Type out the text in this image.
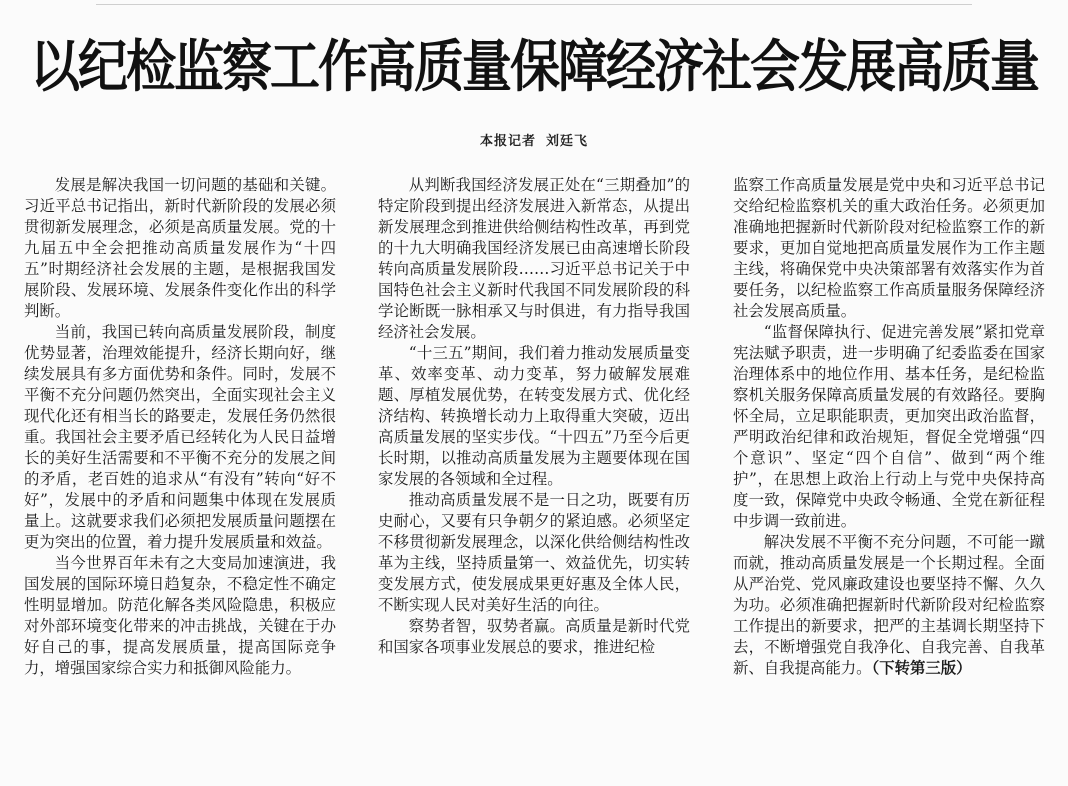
以纪检监察工作高质量保障经济社会发展高质量
本报记者 刘廷飞

发展是解决我国一切问题的基础和关键。习近平总书记指出，新时代新阶段的发展必须贯彻新发展理念，必须是高质量发展。党的十九届五中全会把推动高质量发展作为“十四五”时期经济社会发展的主题，是根据我国发展阶段、发展环境、发展条件变化作出的科学判断。

当前，我国已转向高质量发展阶段，制度优势显著，治理效能提升，经济长期向好，继续发展具有多方面优势和条件。同时，发展不平衡不充分问题仍然突出，全面实现社会主义现代化还有相当长的路要走，发展任务仍然很重。我国社会主要矛盾已经转化为人民日益增长的美好生活需要和不平衡不充分的发展之间的矛盾，老百姓的追求从“有没有”转向“好不好”，发展中的矛盾和问题集中体现在发展质量上。这就要求我们必须把发展质量问题摆在更为突出的位置，着力提升发展质量和效益。

当今世界百年未有之大变局加速演进，我国发展的国际环境日趋复杂，不稳定性不确定性明显增加。防范化解各类风险隐患，积极应对外部环境变化带来的冲击挑战，关键在于办好自己的事，提高发展质量，提高国际竞争力，增强国家综合实力和抵御风险能力。

从判断我国经济发展正处在“三期叠加”的特定阶段到提出经济发展进入新常态，从提出新发展理念到推进供给侧结构性改革，再到党的十九大明确我国经济发展已由高速增长阶段转向高质量发展阶段……习近平总书记关于中国特色社会主义新时代我国不同发展阶段的科学论断既一脉相承又与时俱进，有力指导我国经济社会发展。

“十三五”期间，我们着力推动发展质量变革、效率变革、动力变革，努力破解发展难题、厚植发展优势，在转变发展方式、优化经济结构、转换增长动力上取得重大突破，迈出高质量发展的坚实步伐。“十四五”乃至今后更长时期，以推动高质量发展为主题要体现在国家发展的各领域和全过程。

推动高质量发展不是一日之功，既要有历史耐心，又要有只争朝夕的紧迫感。必须坚定不移贯彻新发展理念，以深化供给侧结构性改革为主线，坚持质量第一、效益优先，切实转变发展方式，使发展成果更好惠及全体人民，不断实现人民对美好生活的向往。

察势者智，驭势者赢。高质量是新时代党和国家各项事业发展总的要求，推进纪检

监察工作高质量发展是党中央和习近平总书记交给纪检监察机关的重大政治任务。必须更加准确地把握新时代新阶段对纪检监察工作的新要求，更加自觉地把高质量发展作为工作主题主线，将确保党中央决策部署有效落实作为首要任务，以纪检监察工作高质量服务保障经济社会发展高质量。

“监督保障执行、促进完善发展”紧扣党章宪法赋予职责，进一步明确了纪委监委在国家治理体系中的地位作用、基本任务，是纪检监察机关服务保障高质量发展的有效路径。要胸怀全局，立足职能职责，更加突出政治监督，严明政治纪律和政治规矩，督促全党增强“四个意识”、坚定“四个自信”、做到“两个维护”，在思想上政治上行动上与党中央保持高度一致，保障党中央政令畅通、全党在新征程中步调一致前进。

解决发展不平衡不充分问题，不可能一蹴而就，推动高质量发展是一个长期过程。全面从严治党、党风廉政建设也要坚持不懈、久久为功。必须准确把握新时代新阶段对纪检监察工作提出的新要求，把严的主基调长期坚持下去，不断增强党自我净化、自我完善、自我革新、自我提高能力。（下转第三版）
